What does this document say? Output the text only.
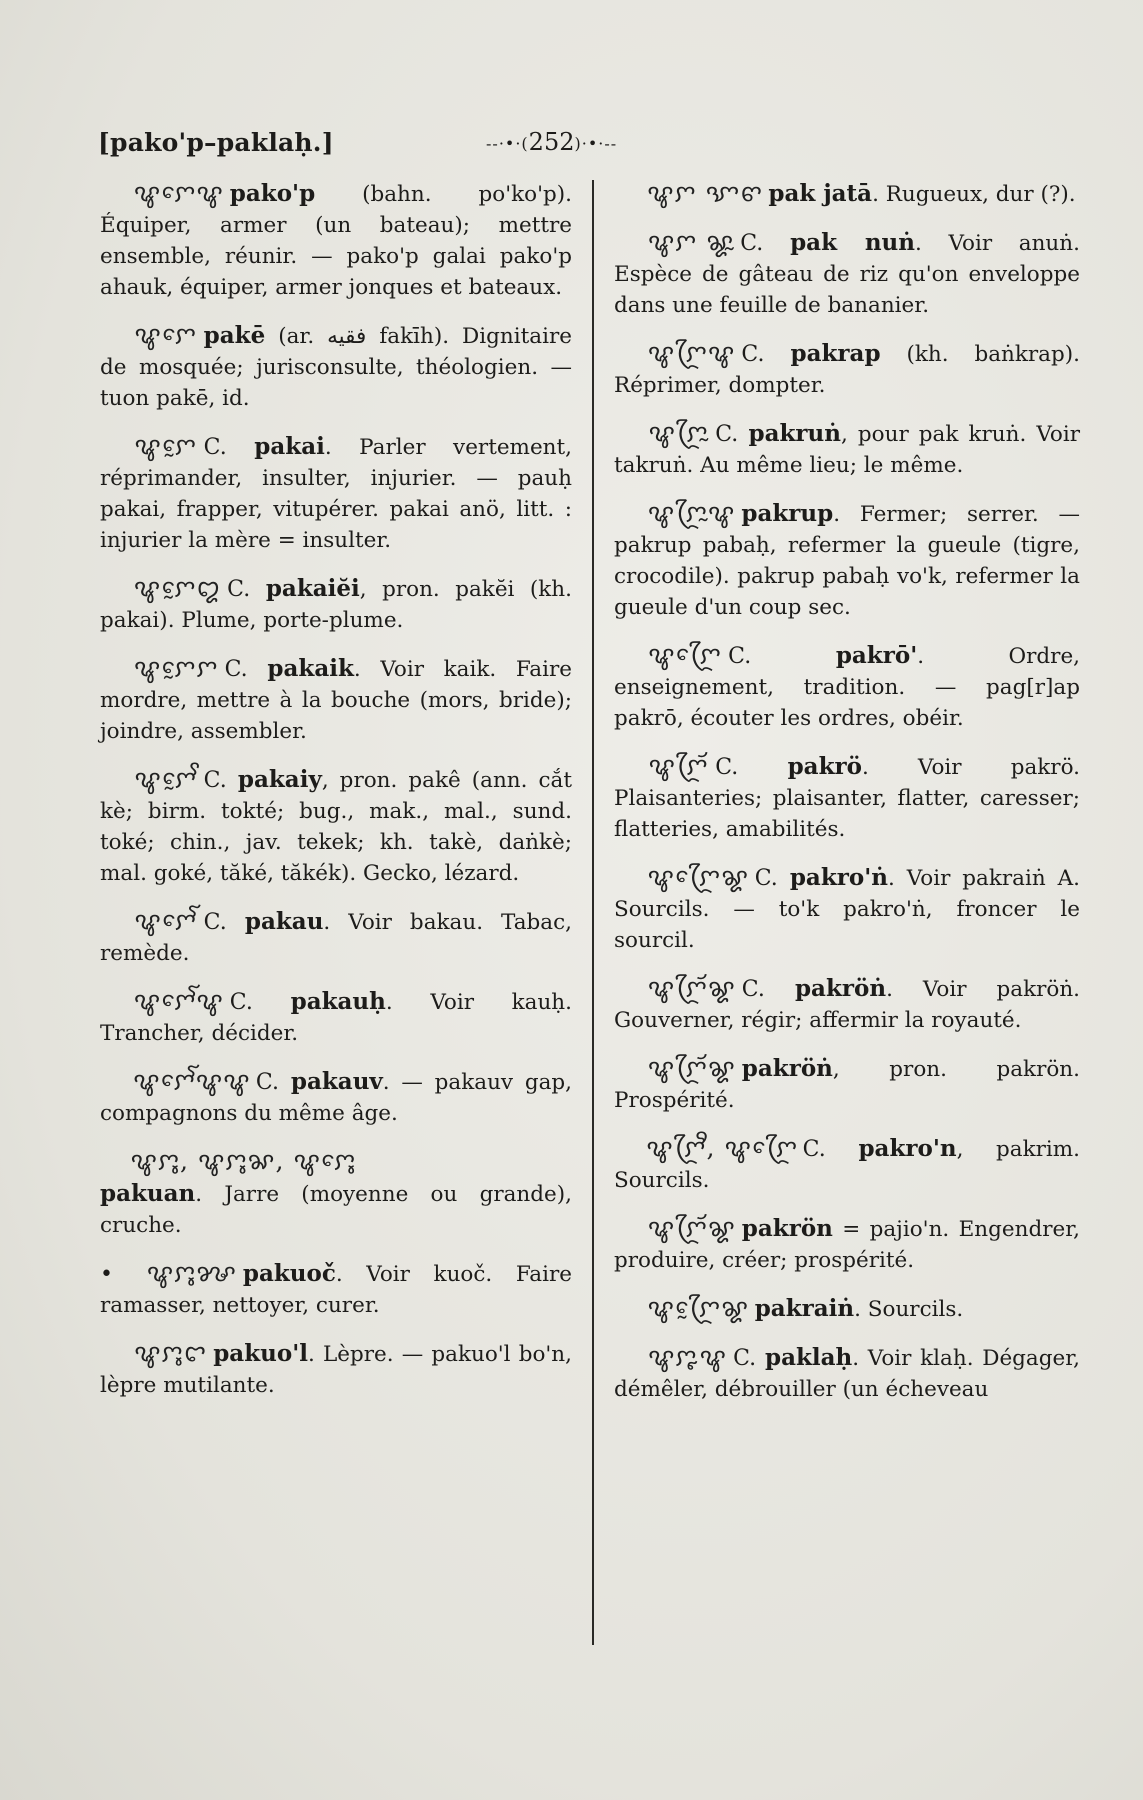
[pako'p–paklaḥ.]	--·•·(252)·•·--
ꨥꨆꨯꨥ pako'p (bahn. po'ko'p). Équiper, armer (un bateau); mettre ensemble, réunir. — pako'p galai pako'p ahauk, équiper, armer jonques et bateaux.
ꨥꨆꨯ pakē (ar. فقيه fakīh). Dignitaire de mosquée; jurisconsulte, théologien. — tuon pakē, id.
ꨥꨆꨰ C. pakai. Parler vertement, réprimander, insulter, injurier. — pauḥ pakai, frapper, vitupérer. pakai anö, litt. : injurier la mère = insulter.
ꨥꨆꨰꨁ C. pakaiĕi, pron. pakĕi (kh. pakai). Plume, porte-plume.
ꨥꨆꨰꨆ C. pakaik. Voir kaik. Faire mordre, mettre à la bouche (mors, bride); joindre, assembler.
ꨥꨆꨰꨩ C. pakaiy, pron. pakê (ann. cắt kè; birm. tokté; bug., mak., mal., sund. toké; chin., jav. tekek; kh. takè, daṅkè; mal. goké, tăké, tăkék). Gecko, lézard.
ꨥꨆꨯꨱ C. pakau. Voir bakau. Tabac, remède.
ꨥꨆꨯꨱꨥ C. pakauḥ. Voir kauḥ. Trancher, décider.
ꨥꨆꨯꨱꨥꨥ C. pakauv. — pakauv gap, compagnons du même âge.
ꨥꨆꨶ, ꨥꨆꨶꨗ, ꨥꨆꨶꨯ
pakuan. Jarre (moyenne ou grande), cruche.
• ꨥꨆꨶꨍ pakuoč. Voir kuoč. Faire ramasser, nettoyer, curer.
ꨥꨆꨶꨤ pakuo'l. Lèpre. — pakuo'l bo'n, lèpre mutilante.
ꨥꨆ ꨎꨓ pak jatā. Rugueux, dur (?).
ꨥꨆ ꨘꨭ C. pak nuṅ. Voir anuṅ. Espèce de gâteau de riz qu'on enveloppe dans une feuille de bananier.
ꨥꨆꨴꨥ C. pakrap (kh. baṅkrap). Réprimer, dompter.
ꨥꨆꨴꨭ C. pakruṅ, pour pak kruṅ. Voir takruṅ. Au même lieu; le même.
ꨥꨆꨴꨭꨥ pakrup. Fermer; serrer. — pakrup pabaḥ, refermer la gueule (tigre, crocodile). pakrup pabaḥ vo'k, refermer la gueule d'un coup sec.
ꨥꨆꨴꨯ C. pakrō'. Ordre, enseignement, tradition. — pag[r]ap pakrō, écouter les ordres, obéir.
ꨥꨆꨴꨮ C. pakrö. Voir pakrö. Plaisanteries; plaisanter, flatter, caresser; flatteries, amabilités.
ꨥꨆꨴꨯꨘ C. pakro'ṅ. Voir pakraiṅ A. Sourcils. — to'k pakro'ṅ, froncer le sourcil.
ꨥꨆꨴꨮꨘ C. pakröṅ. Voir pakröṅ. Gouverner, régir; affermir la royauté.
ꨥꨆꨴꨮꨘ pakröṅ, pron. pakrön. Prospérité.
ꨥꨆꨴꨪ, ꨥꨆꨴꨯ C. pakro'n, pakrim. Sourcils.
ꨥꨆꨴꨮꨘ pakrön = pajio'n. Engendrer, produire, créer; prospérité.
ꨥꨆꨴꨰꨘ pakraiṅ. Sourcils.
ꨥꨆꨵꨥ C. paklaḥ. Voir klaḥ. Dégager, démêler, débrouiller (un écheveau
